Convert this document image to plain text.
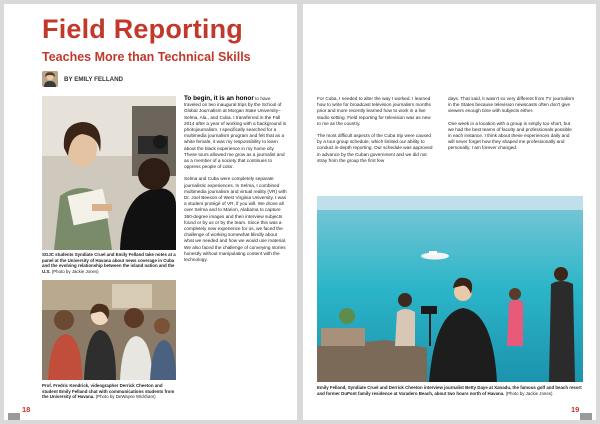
Field Reporting
Teaches More than Technical Skills
BY EMILY FELLAND
SOJC students Syndiate Cruel and Emily Felland take notes at a panel at the University of Havana about news coverage in Cuba and the evolving relationship between the island nation and the U.S. (Photo by Jackie Jones)
Prof. Fredric Kendrick, videographer Derrick Cheeton and student Emily Felland chat with communications students from the University of Havana. (Photo by DeWayne Wickham)

To begin, it is an honor to have traveled on two inaugural trips by the School of Global Journalism at Morgan State University–Selma, Ala., and Cuba. I transferred in the Fall 2014 after a year of working with a background in photojournalism. I specifically searched for a multimedia journalism program and felt that as a white female, it was my responsibility to learn about the black experience in my home city. These tours allowed me grow as a journalist and as a member of a society that continues to oppress people of color.

Selma and Cuba were completely separate journalistic experiences. In Selma, I combined multimedia journalism and virtual reality (VR) with Dr. Joel Beeson of West Virginia University. I was a student protégé of VR, if you will. We drove all over Selma and to Marion, Alabama to capture 360-degree images and then interview subjects found or by us or by the team. Since this was a completely new experience for us, we faced the challenge of working somewhat blindly about what we needed and how we would use material. We also faced the challenge of conveying stories honestly without manipulating content with the technology.

18

For Cuba, I needed to alter the way I worked. I learned how to write for broadcast television journalism months prior and more recently learned how to work in a live studio setting. Field reporting for television was as new to me as the country.

The most difficult aspects of the Cuba trip were caused by a tour group schedule, which limited our ability to conduct in-depth reporting. Our schedule was approved in advance by the Cuban government and we did not stray from the group the first few

days. That said, it wasn't so very different from TV journalism in the States because television newscasts often don't give viewers enough time with subjects either.

One week in a location with a group is simply too short, but we had the best teams of faculty and professionals possible in each instance. I think about these experiences daily and will never forget how they shaped me professionally and personally. I am forever changed.

Emily Felland, Syndiate Cruel and Derrick Cheeton interview journalist Betty Daye at Xanadu, the famous golf and beach resort and former DuPont family residence at Varadero Beach, about two hours north of Havana. (Photo by Jackie Jones)
19
